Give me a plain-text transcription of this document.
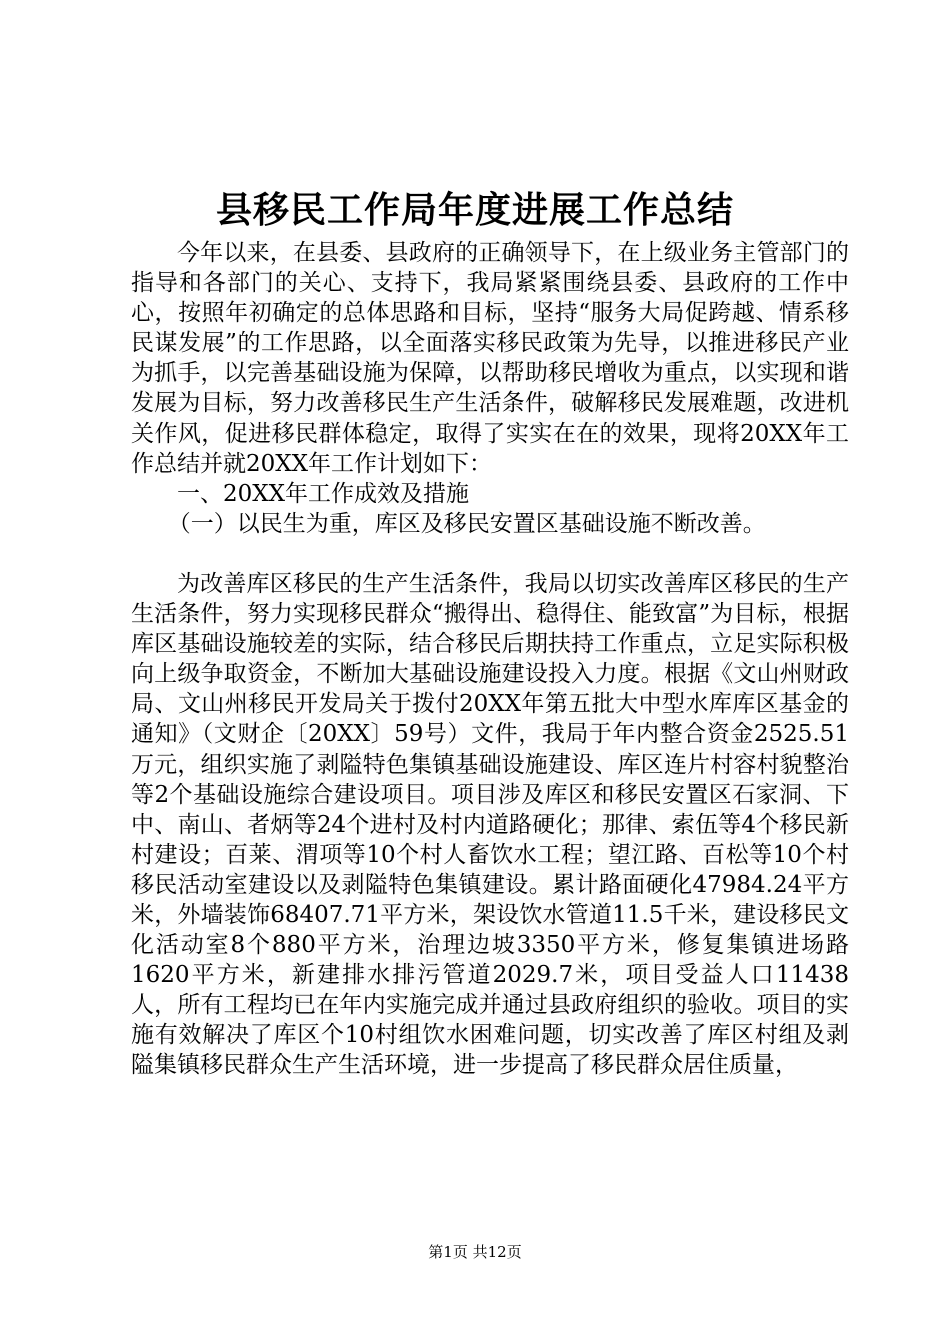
县移民工作局年度进展工作总结

今年以来，在县委、县政府的正确领导下，在上级业务主管部门的指导和各部门的关心、支持下，我局紧紧围绕县委、县政府的工作中心，按照年初确定的总体思路和目标，坚持“服务大局促跨越、情系移民谋发展”的工作思路，以全面落实移民政策为先导，以推进移民产业为抓手，以完善基础设施为保障，以帮助移民增收为重点，以实现和谐发展为目标，努力改善移民生产生活条件，破解移民发展难题，改进机关作风，促进移民群体稳定，取得了实实在在的效果，现将20XX年工作总结并就20XX年工作计划如下：

一、20XX年工作成效及措施

（一）以民生为重，库区及移民安置区基础设施不断改善。

为改善库区移民的生产生活条件，我局以切实改善库区移民的生产生活条件，努力实现移民群众“搬得出、稳得住、能致富”为目标，根据库区基础设施较差的实际，结合移民后期扶持工作重点，立足实际积极向上级争取资金，不断加大基础设施建设投入力度。根据《文山州财政局、文山州移民开发局关于拨付20XX年第五批大中型水库库区基金的通知》（文财企〔20XX〕59号）文件，我局于年内整合资金2525.51万元，组织实施了剥隘特色集镇基础设施建设、库区连片村容村貌整治等2个基础设施综合建设项目。项目涉及库区和移民安置区石家洞、下中、南山、者炳等24个进村及村内道路硬化；那律、索伍等4个移民新村建设；百莱、渭项等10个村人畜饮水工程；望江路、百松等10个村移民活动室建设以及剥隘特色集镇建设。累计路面硬化47984.24平方米，外墙装饰68407.71平方米，架设饮水管道11.5千米，建设移民文化活动室8个880平方米，治理边坡3350平方米，修复集镇进场路1620平方米，新建排水排污管道2029.7米，项目受益人口11438人，所有工程均已在年内实施完成并通过县政府组织的验收。项目的实施有效解决了库区个10村组饮水困难问题，切实改善了库区村组及剥隘集镇移民群众生产生活环境，进一步提高了移民群众居住质量，

第1页 共12页
